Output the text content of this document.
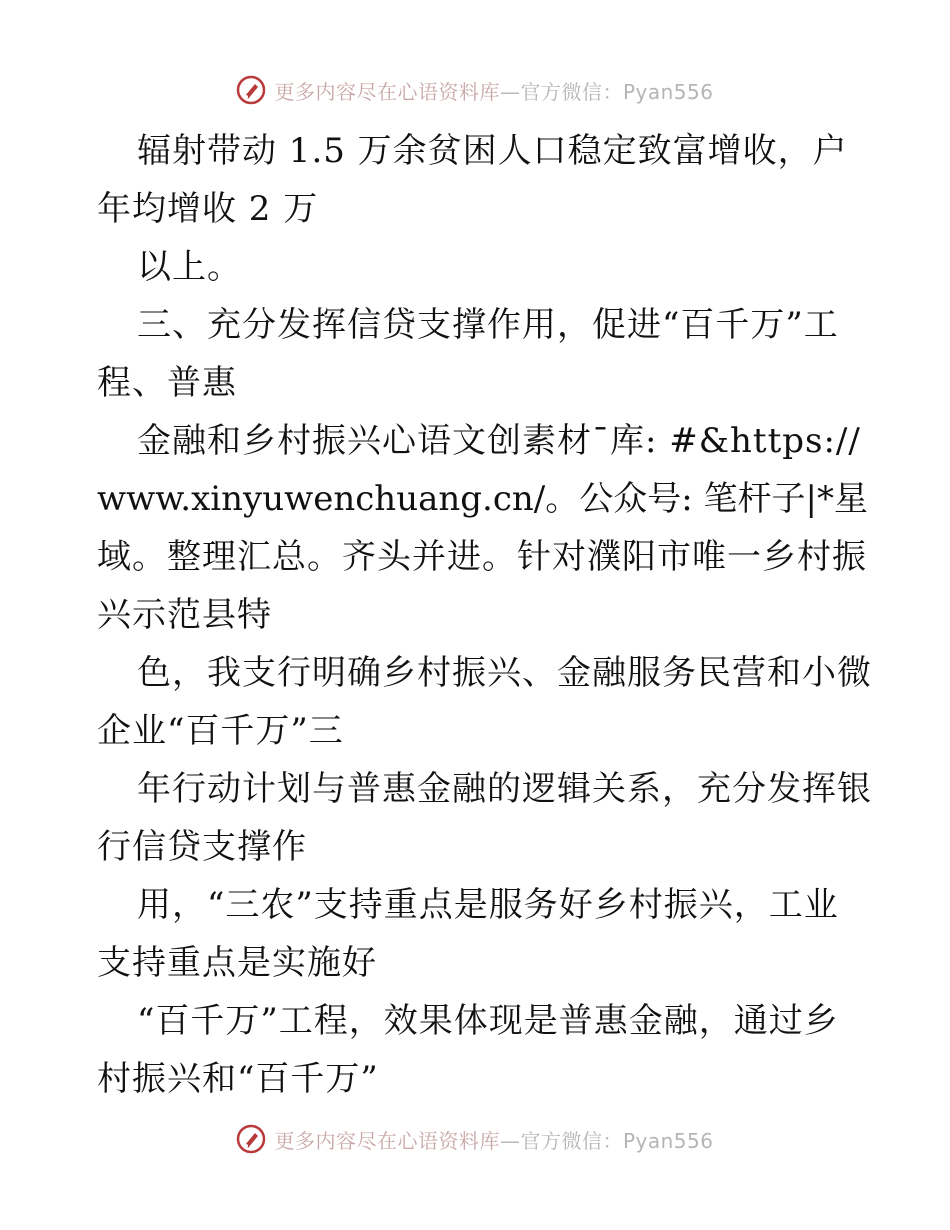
更多内容尽在心语资料库—官方微信：Pyan556
辐射带动 1.5 万余贫困人口稳定致富增收，户
年均增收 2 万
以上。
三、充分发挥信贷支撑作用，促进“百千万”工
程、普惠
金融和乡村振兴心语文创素材¯库: #&https://
www.xinyuwenchuang.cn/。公众号: 笔杆子|*星
域。整理汇总。齐头并进。针对濮阳市唯一乡村振
兴示范县特
色，我支行明确乡村振兴、金融服务民营和小微
企业“百千万”三
年行动计划与普惠金融的逻辑关系，充分发挥银
行信贷支撑作
用，“三农”支持重点是服务好乡村振兴，工业
支持重点是实施好
“百千万”工程，效果体现是普惠金融，通过乡
村振兴和“百千万”
更多内容尽在心语资料库—官方微信：Pyan556
